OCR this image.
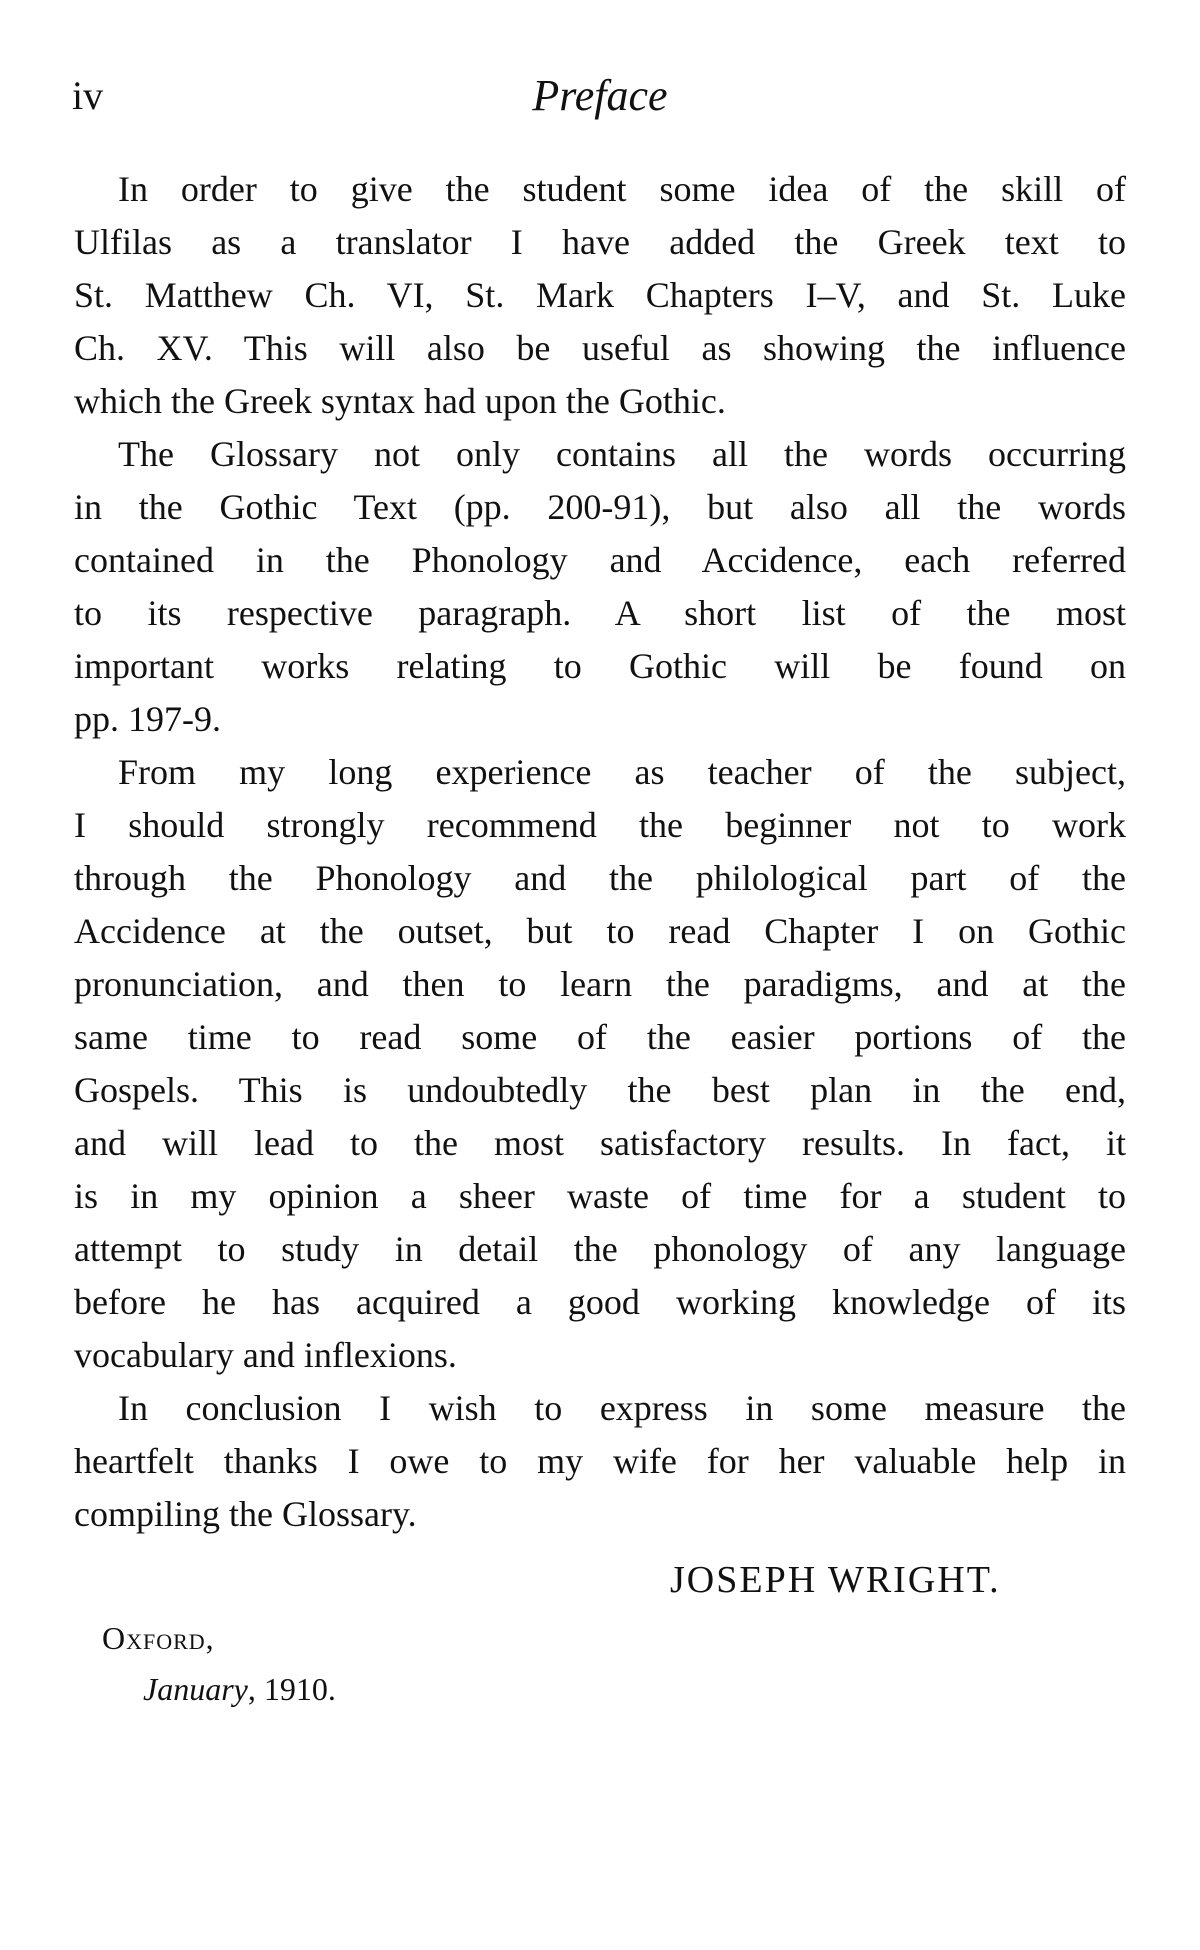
iv	Preface
In order to give the student some idea of the skill of
Ulfilas as a translator I have added the Greek text to
St. Matthew Ch. VI, St. Mark Chapters I–V, and St. Luke
Ch. XV. This will also be useful as showing the influence
which the Greek syntax had upon the Gothic.
The Glossary not only contains all the words occurring
in the Gothic Text (pp. 200-91), but also all the words
contained in the Phonology and Accidence, each referred
to its respective paragraph. A short list of the most
important works relating to Gothic will be found on
pp. 197-9.
From my long experience as teacher of the subject,
I should strongly recommend the beginner not to work
through the Phonology and the philological part of the
Accidence at the outset, but to read Chapter I on Gothic
pronunciation, and then to learn the paradigms, and at the
same time to read some of the easier portions of the
Gospels. This is undoubtedly the best plan in the end,
and will lead to the most satisfactory results. In fact, it
is in my opinion a sheer waste of time for a student to
attempt to study in detail the phonology of any language
before he has acquired a good working knowledge of its
vocabulary and inflexions.
In conclusion I wish to express in some measure the
heartfelt thanks I owe to my wife for her valuable help in
compiling the Glossary.
JOSEPH WRIGHT.
Oxford,
January, 1910.
